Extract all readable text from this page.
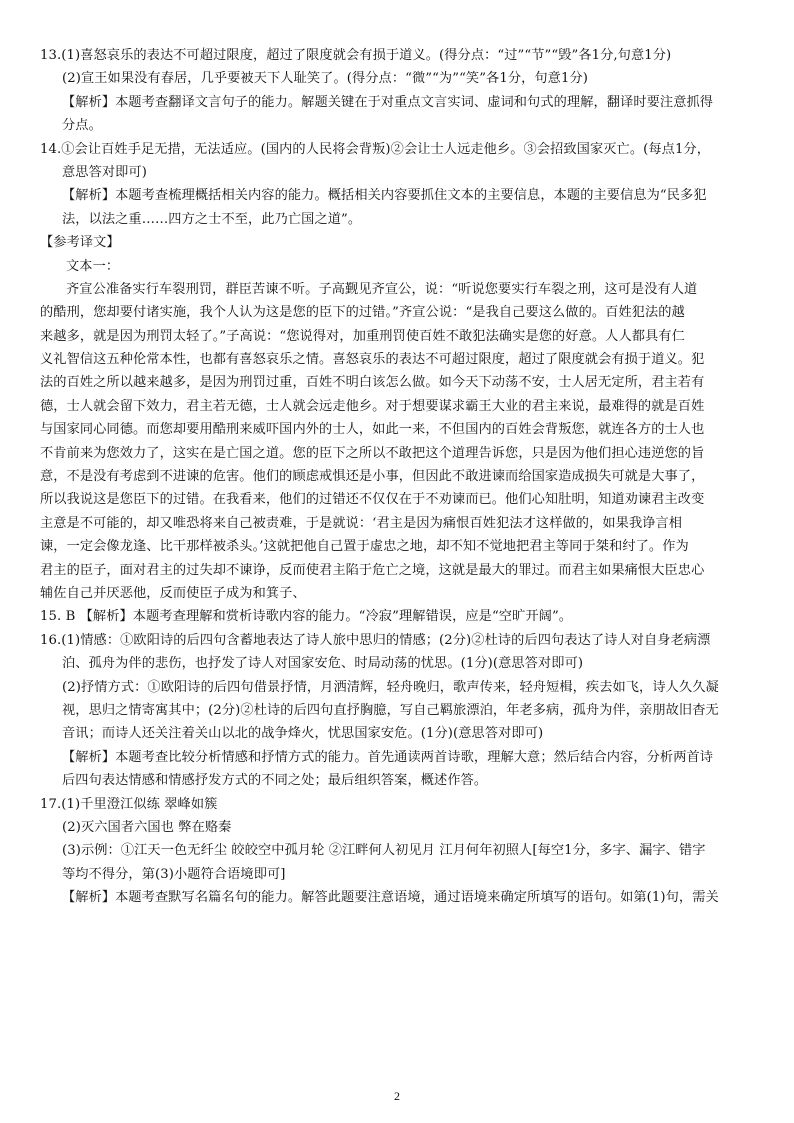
13.(1)喜怒哀乐的表达不可超过限度，超过了限度就会有损于道义。(得分点：“过”“节”“毁”各1分,句意1分)
(2)宣王如果没有春居，几乎要被天下人耻笑了。(得分点：“微”“为”“笑”各1分，句意1分)
【解析】本题考查翻译文言句子的能力。解题关键在于对重点文言实词、虚词和句式的理解，翻译时要注意抓得
分点。
14.①会让百姓手足无措，无法适应。(国内的人民将会背叛)②会让士人远走他乡。③会招致国家灭亡。(每点1分，
意思答对即可)
【解析】本题考查梳理概括相关内容的能力。概括相关内容要抓住文本的主要信息，本题的主要信息为“民多犯
法，以法之重……四方之士不至，此乃亡国之道”。
【参考译文】
文本一：
齐宣公准备实行车裂刑罚，群臣苦谏不听。子高觐见齐宣公，说：“听说您要实行车裂之刑，这可是没有人道
的酷刑，您却要付诸实施，我个人认为这是您的臣下的过错。”齐宣公说：“是我自己要这么做的。百姓犯法的越
来越多，就是因为刑罚太轻了。”子高说：“您说得对，加重刑罚使百姓不敢犯法确实是您的好意。人人都具有仁
义礼智信这五种伦常本性，也都有喜怒哀乐之情。喜怒哀乐的表达不可超过限度，超过了限度就会有损于道义。犯
法的百姓之所以越来越多，是因为刑罚过重，百姓不明白该怎么做。如今天下动荡不安，士人居无定所，君主若有
德，士人就会留下效力，君主若无德，士人就会远走他乡。对于想要谋求霸王大业的君主来说，最难得的就是百姓
与国家同心同德。而您却要用酷刑来威吓国内外的士人，如此一来，不但国内的百姓会背叛您，就连各方的士人也
不肯前来为您效力了，这实在是亡国之道。您的臣下之所以不敢把这个道理告诉您，只是因为他们担心违逆您的旨
意，不是没有考虑到不进谏的危害。他们的顾虑戒惧还是小事，但因此不敢进谏而给国家造成损失可就是大事了，
所以我说这是您臣下的过错。在我看来，他们的过错还不仅仅在于不劝谏而已。他们心知肚明，知道劝谏君主改变
主意是不可能的，却又唯恐将来自己被责难，于是就说：‘君主是因为痛恨百姓犯法才这样做的，如果我诤言相
谏，一定会像龙逢、比干那样被杀头。’这就把他自己置于虚忠之地，却不知不觉地把君主等同于桀和纣了。作为
君主的臣子，面对君主的过失却不谏诤，反而使君主陷于危亡之境，这就是最大的罪过。而君主如果痛恨大臣忠心
辅佐自己并厌恶他，反而使臣子成为和箕子、
15. B 【解析】本题考查理解和赏析诗歌内容的能力。“冷寂”理解错误，应是“空旷开阔”。
16.(1)情感：①欧阳诗的后四句含蓄地表达了诗人旅中思归的情感；(2分)②杜诗的后四句表达了诗人对自身老病漂
泊、孤舟为伴的悲伤，也抒发了诗人对国家安危、时局动荡的忧思。(1分)(意思答对即可)
(2)抒情方式：①欧阳诗的后四句借景抒情，月洒清辉，轻舟晚归，歌声传来，轻舟短楫，疾去如飞，诗人久久凝
视，思归之情寄寓其中；(2分)②杜诗的后四句直抒胸臆，写自己羁旅漂泊，年老多病，孤舟为伴，亲朋故旧杳无
音讯；而诗人还关注着关山以北的战争烽火，忧思国家安危。(1分)(意思答对即可)
【解析】本题考查比较分析情感和抒情方式的能力。首先通读两首诗歌，理解大意；然后结合内容，分析两首诗
后四句表达情感和情感抒发方式的不同之处；最后组织答案，概述作答。
17.(1)千里澄江似练 翠峰如簇
(2)灭六国者六国也 弊在赂秦
(3)示例：①江天一色无纤尘 皎皎空中孤月轮 ②江畔何人初见月 江月何年初照人[每空1分，多字、漏字、错字
等均不得分，第(3)小题符合语境即可]
【解析】本题考查默写名篇名句的能力。解答此题要注意语境，通过语境来确定所填写的语句。如第(1)句，需关
2
